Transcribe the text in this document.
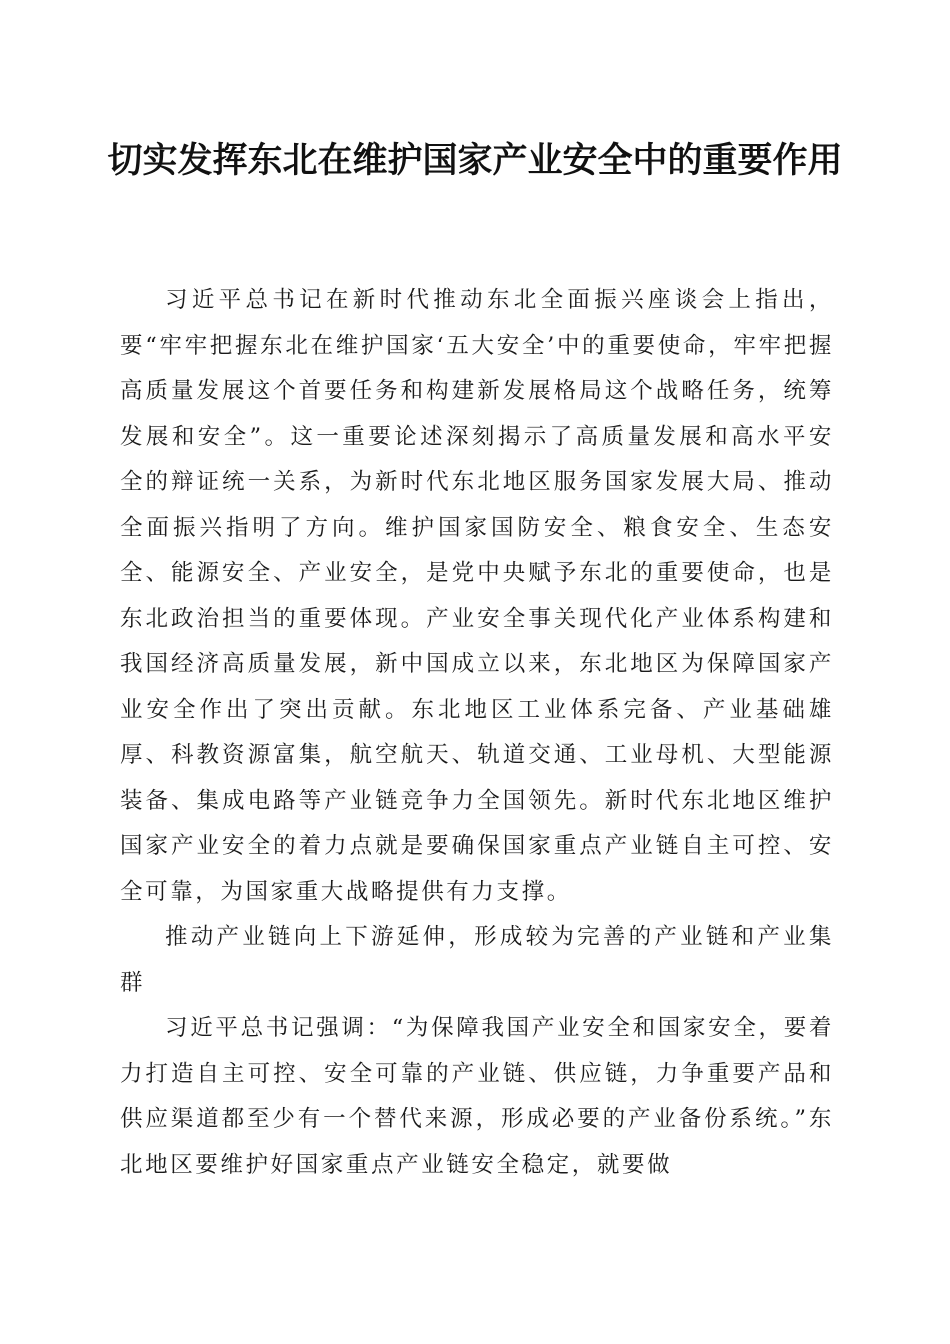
切实发挥东北在维护国家产业安全中的重要作用

习近平总书记在新时代推动东北全面振兴座谈会上指出，要“牢牢把握东北在维护国家‘五大安全’中的重要使命，牢牢把握高质量发展这个首要任务和构建新发展格局这个战略任务，统筹发展和安全”。这一重要论述深刻揭示了高质量发展和高水平安全的辩证统一关系，为新时代东北地区服务国家发展大局、推动全面振兴指明了方向。维护国家国防安全、粮食安全、生态安全、能源安全、产业安全，是党中央赋予东北的重要使命，也是东北政治担当的重要体现。产业安全事关现代化产业体系构建和我国经济高质量发展，新中国成立以来，东北地区为保障国家产业安全作出了突出贡献。东北地区工业体系完备、产业基础雄厚、科教资源富集，航空航天、轨道交通、工业母机、大型能源装备、集成电路等产业链竞争力全国领先。新时代东北地区维护国家产业安全的着力点就是要确保国家重点产业链自主可控、安全可靠，为国家重大战略提供有力支撑。

推动产业链向上下游延伸，形成较为完善的产业链和产业集群

习近平总书记强调：“为保障我国产业安全和国家安全，要着力打造自主可控、安全可靠的产业链、供应链，力争重要产品和供应渠道都至少有一个替代来源，形成必要的产业备份系统。”东北地区要维护好国家重点产业链安全稳定，就要做
